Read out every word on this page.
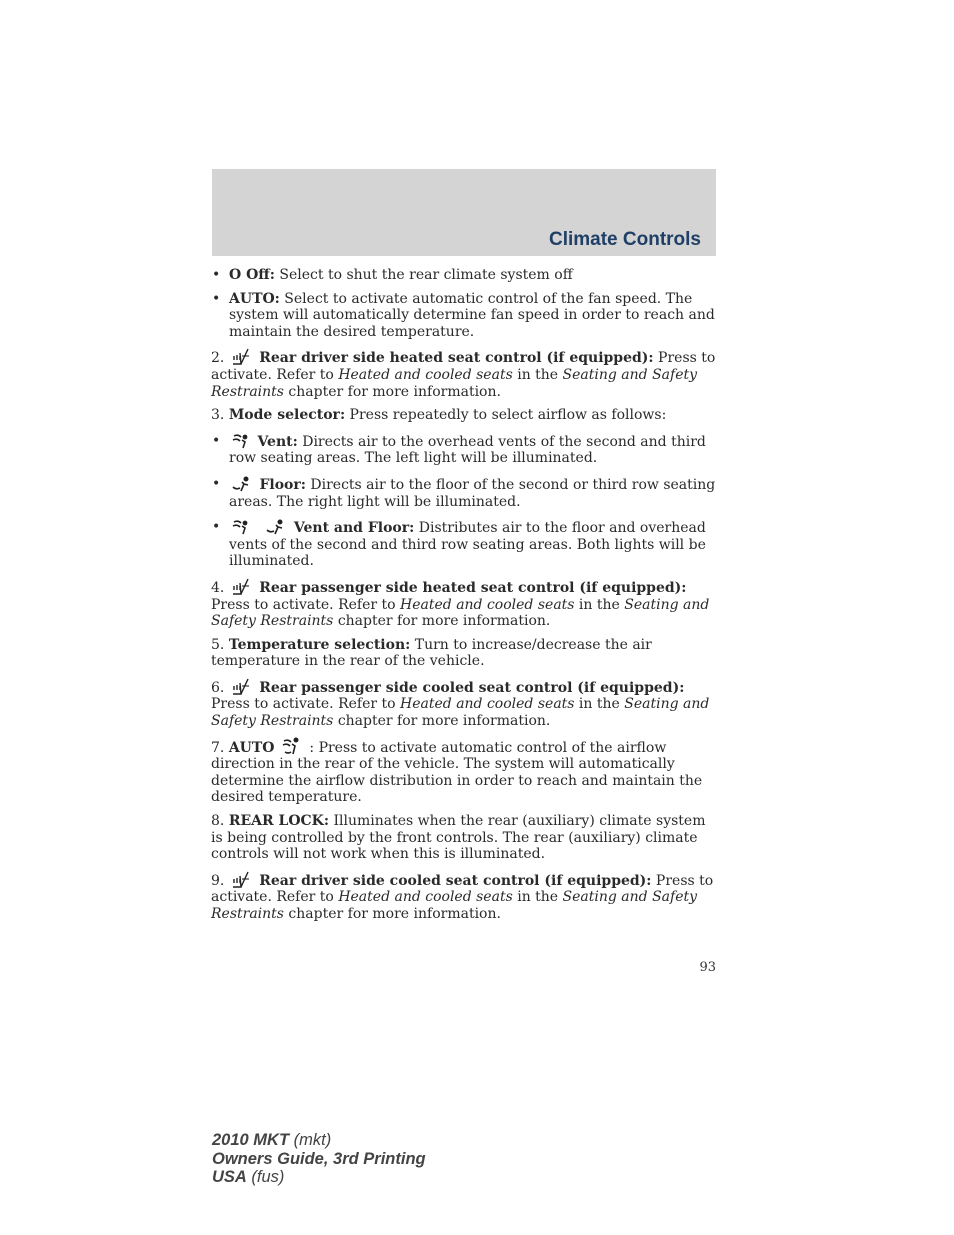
Climate Controls
• O Off: Select to shut the rear climate system off
• AUTO: Select to activate automatic control of the fan speed. The system will automatically determine fan speed in order to reach and maintain the desired temperature.

2. Rear driver side heated seat control (if equipped): Press to activate. Refer to Heated and cooled seats in the Seating and Safety Restraints chapter for more information.

3. Mode selector: Press repeatedly to select airflow as follows:

•	Vent: Directs air to the overhead vents of the second and third row seating areas. The left light will be illuminated.
•	Floor: Directs air to the floor of the second or third row seating areas. The right light will be illuminated.
•
	Vent and Floor: Distributes air to the floor and overhead vents of the second and third row seating areas. Both lights will be illuminated.

4. Rear passenger side heated seat control (if equipped): Press to activate. Refer to Heated and cooled seats in the Seating and Safety Restraints chapter for more information.

5. Temperature selection: Turn to increase/decrease the air temperature in the rear of the vehicle.

6. Rear passenger side cooled seat control (if equipped): Press to activate. Refer to Heated and cooled seats in the Seating and Safety Restraints chapter for more information.

7. AUTO
: Press to activate automatic control of the airflow direction in the rear of the vehicle. The system will automatically determine the airflow distribution in order to reach and maintain the desired temperature.

8. REAR LOCK: Illuminates when the rear (auxiliary) climate system is being controlled by the front controls. The rear (auxiliary) climate controls will not work when this is illuminated.

9. Rear driver side cooled seat control (if equipped): Press to activate. Refer to Heated and cooled seats in the Seating and Safety Restraints chapter for more information.

93
2010 MKT (mkt)
Owners Guide, 3rd Printing
USA (fus)
